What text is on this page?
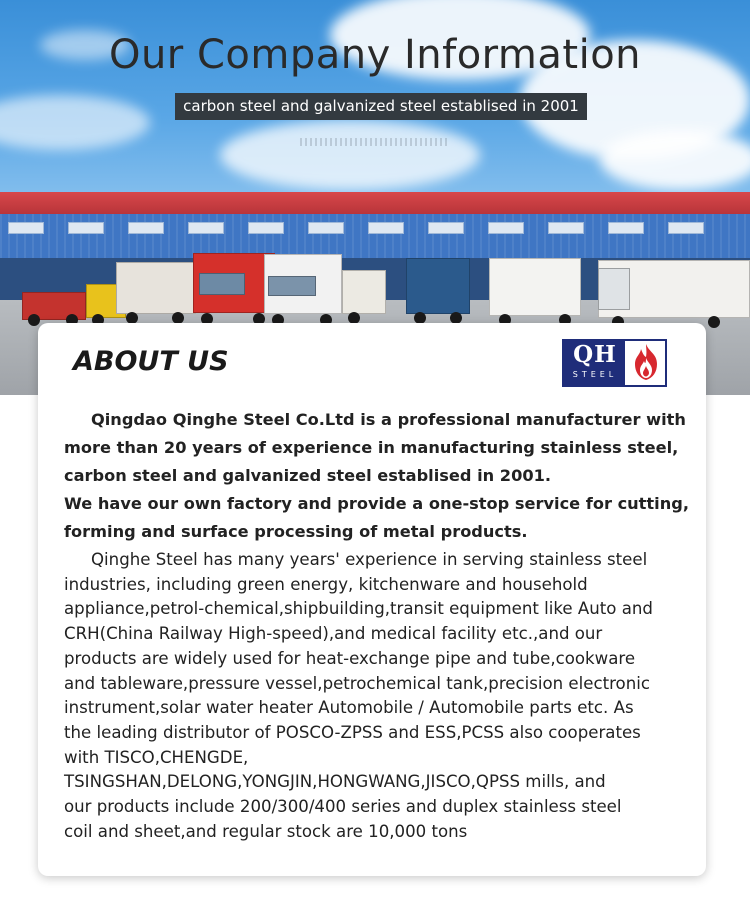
Our Company Information
carbon steel and galvanized steel establised in 2001
ABOUT US	QH
STEEL
Qingdao Qinghe Steel Co.Ltd is a professional manufacturer with
more than 20 years of experience in manufacturing stainless steel,
carbon steel and galvanized steel establised in 2001.
We have our own factory and provide a one-stop service for cutting,
forming and surface processing of metal products.
Qinghe Steel has many years' experience in serving stainless steel
industries, including green energy, kitchenware and household
appliance,petrol-chemical,shipbuilding,transit equipment like Auto and
CRH(China Railway High-speed),and medical facility etc.,and our
products are widely used for heat-exchange pipe and tube,cookware
and tableware,pressure vessel,petrochemical tank,precision electronic
instrument,solar water heater Automobile / Automobile parts etc. As
the leading distributor of POSCO-ZPSS and ESS,PCSS also cooperates
with TISCO,CHENGDE,
TSINGSHAN,DELONG,YONGJIN,HONGWANG,JISCO,QPSS mills, and
our products include 200/300/400 series and duplex stainless steel
coil and sheet,and regular stock are 10,000 tons
